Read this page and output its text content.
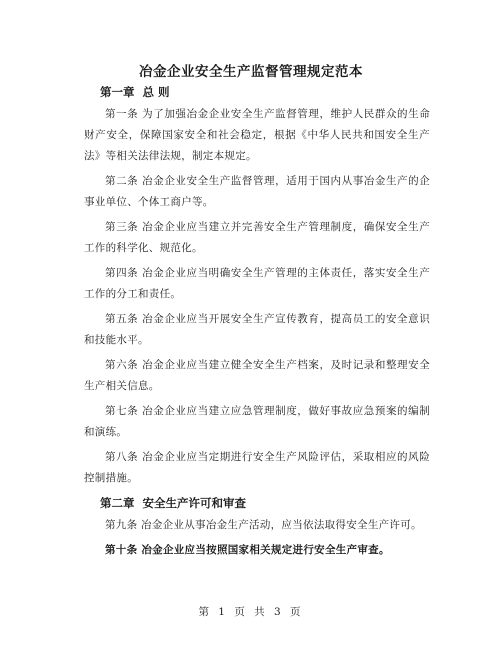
冶金企业安全生产监督管理规定范本
第一章 总 则

第一条 为了加强冶金企业安全生产监督管理，维护人民群众的生命财产安全，保障国家安全和社会稳定，根据《中华人民共和国安全生产法》等相关法律法规，制定本规定。

第二条 冶金企业安全生产监督管理，适用于国内从事冶金生产的企事业单位、个体工商户等。

第三条 冶金企业应当建立并完善安全生产管理制度，确保安全生产工作的科学化、规范化。

第四条 冶金企业应当明确安全生产管理的主体责任，落实安全生产工作的分工和责任。

第五条 冶金企业应当开展安全生产宣传教育，提高员工的安全意识和技能水平。

第六条 冶金企业应当建立健全安全生产档案，及时记录和整理安全生产相关信息。

第七条 冶金企业应当建立应急管理制度，做好事故应急预案的编制和演练。

第八条 冶金企业应当定期进行安全生产风险评估，采取相应的风险控制措施。

第二章 安全生产许可和审查

第九条 冶金企业从事冶金生产活动，应当依法取得安全生产许可。

第十条 冶金企业应当按照国家相关规定进行安全生产审查。

第 1 页 共 3 页
